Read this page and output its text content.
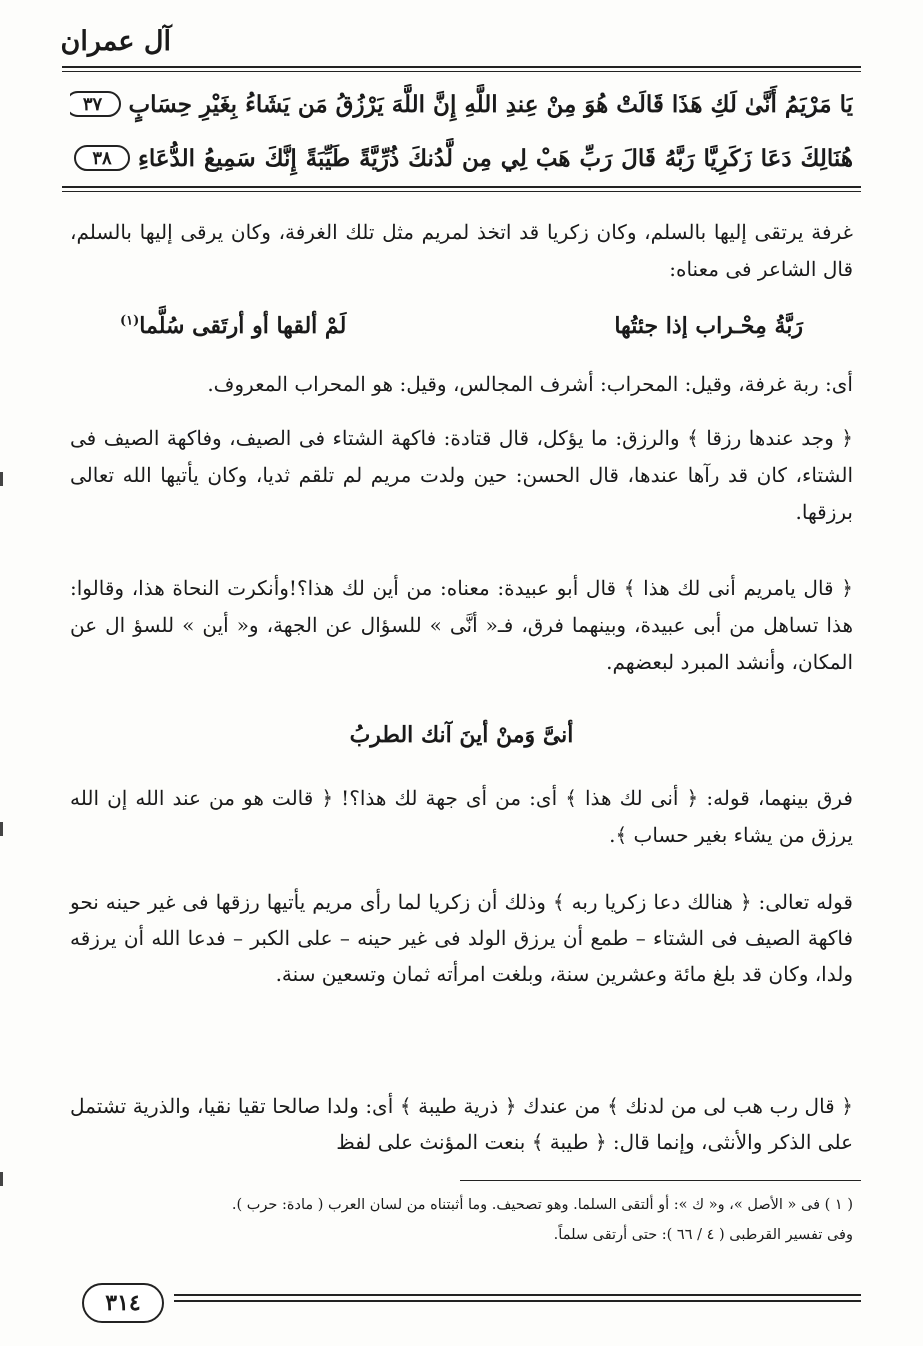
آل عمران
يَا مَرْيَمُ أَنَّىٰ لَكِ هَذَا قَالَتْ هُوَ مِنْ عِندِ اللَّهِ إِنَّ اللَّهَ يَرْزُقُ مَن يَشَاءُ بِغَيْرِ حِسَابٍ
٣٧
هُنَالِكَ دَعَا زَكَرِيَّا رَبَّهُ قَالَ رَبِّ هَبْ لِي مِن لَّدُنكَ ذُرِّيَّةً طَيِّبَةً إِنَّكَ سَمِيعُ الدُّعَاءِ
٣٨

غرفة يرتقى إليها بالسلم، وكان زكريا قد اتخذ لمريم مثل تلك الغرفة، وكان يرقى إليها بالسلم، قال الشاعر فى معناه:

رَبَّةُ مِحْـراب إذا جئتُها
لَمْ ألقها أو أرتَقى سُلَّما$^{(١)}$

أى: ربة غرفة، وقيل: المحراب: أشرف المجالس، وقيل: هو المحراب المعروف.

﴿ وجد عندها رزقا ﴾ والرزق: ما يؤكل، قال قتادة: فاكهة الشتاء فى الصيف، وفاكهة الصيف فى الشتاء، كان قد رآها عندها، قال الحسن: حين ولدت مريم لم تلقم ثديا، وكان يأتيها الله تعالى برزقها.

﴿ قال يامريم أنى لك هذا ﴾ قال أبو عبيدة: معناه: من أين لك هذا؟!وأنكرت النحاة هذا، وقالوا: هذا تساهل من أبى عبيدة، وبينهما فرق، فـ« أنَّى » للسؤال عن الجهة، و« أين » للسؤ ال عن المكان، وأنشد المبرد لبعضهم.

أنىَّ وَمنْ أينَ آنك الطربُ

فرق بينهما، قوله: ﴿ أنى لك هذا ﴾ أى: من أى جهة لك هذا؟! ﴿ قالت هو من عند الله إن الله يرزق من يشاء بغير حساب ﴾.

قوله تعالى: ﴿ هنالك دعا زكريا ربه ﴾ وذلك أن زكريا لما رأى مريم يأتيها رزقها فى غير حينه نحو فاكهة الصيف فى الشتاء – طمع أن يرزق الولد فى غير حينه – على الكبر – فدعا الله أن يرزقه ولدا، وكان قد بلغ مائة وعشرين سنة، وبلغت امرأته ثمان وتسعين سنة.

﴿ قال رب هب لى من لدنك ﴾ من عندك ﴿ ذرية طيبة ﴾ أى: ولدا صالحا تقيا نقيا، والذرية تشتمل على الذكر والأنثى، وإنما قال: ﴿ طيبة ﴾ بنعت المؤنث على لفظ

( ١ ) فى « الأصل »، و« ك »: أو ألتقى السلما. وهو تصحيف. وما أثبتناه من لسان العرب ( مادة: حرب ).

وفى تفسير القرطبى ( ٤ / ٦٦ ): حتى أرتقى سلماً.

٣١٤
